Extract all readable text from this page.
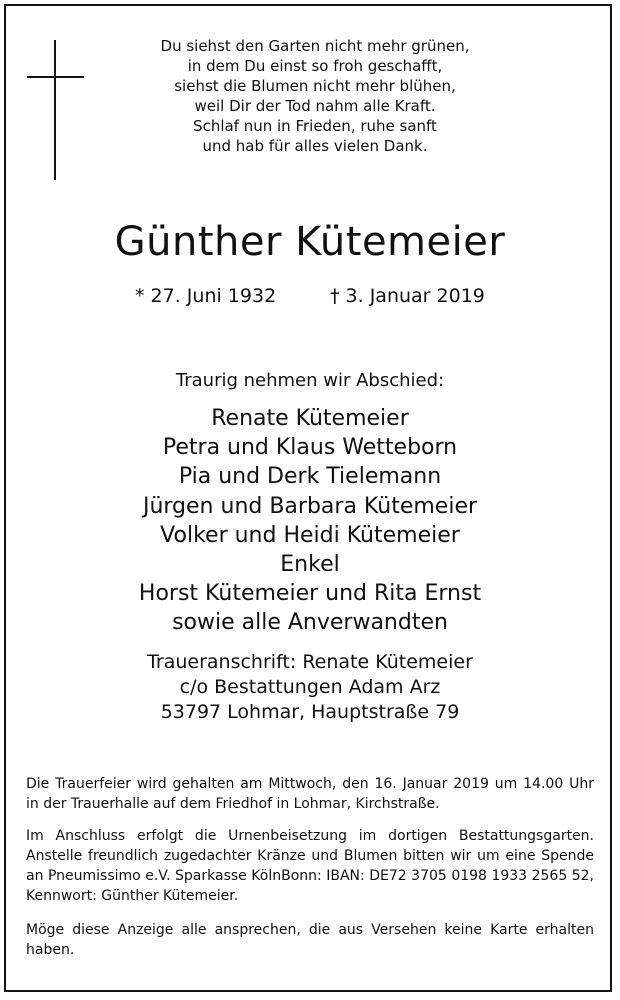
Du siehst den Garten nicht mehr grünen,
in dem Du einst so froh geschafft,
siehst die Blumen nicht mehr blühen,
weil Dir der Tod nahm alle Kraft.
Schlaf nun in Frieden, ruhe sanft
und hab für alles vielen Dank.
Günther Kütemeier
* 27. Juni 1932	† 3. Januar 2019
Traurig nehmen wir Abschied:
Renate Kütemeier
Petra und Klaus Wetteborn
Pia und Derk Tielemann
Jürgen und Barbara Kütemeier
Volker und Heidi Kütemeier
Enkel
Horst Kütemeier und Rita Ernst
sowie alle Anverwandten
Traueranschrift: Renate Kütemeier
c/o Bestattungen Adam Arz
53797 Lohmar, Hauptstraße 79

Die Trauerfeier wird gehalten am Mittwoch, den 16. Januar 2019 um 14.00 Uhr in der Trauerhalle auf dem Friedhof in Lohmar, Kirchstraße.

Im Anschluss erfolgt die Urnenbeisetzung im dortigen Bestattungsgarten. Anstelle freundlich zugedachter Kränze und Blumen bitten wir um eine Spende an Pneumissimo e.V. Sparkasse KölnBonn: IBAN: DE72 3705 0198 1933 2565 52, Kennwort: Günther Kütemeier.

Möge diese Anzeige alle ansprechen, die aus Versehen keine Karte erhalten haben.
